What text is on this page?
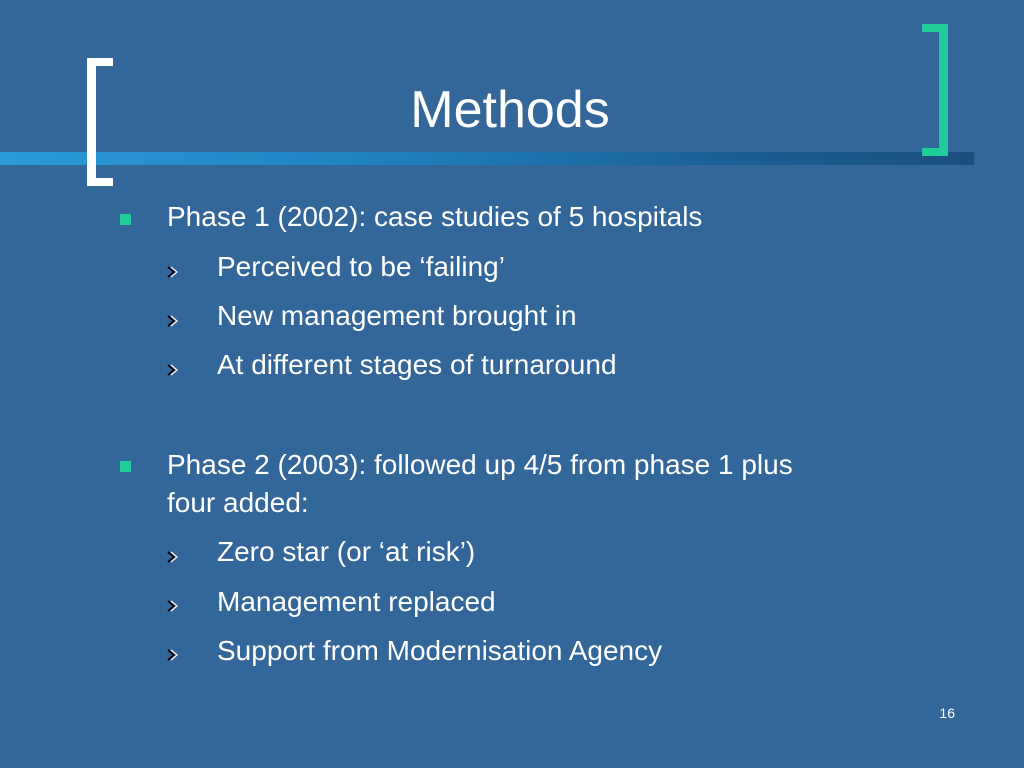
Methods
Phase 1 (2002): case studies of 5 hospitals
Perceived to be ‘failing’
New management brought in
At different stages of turnaround
Phase 2 (2003): followed up 4/5 from phase 1 plus
four added:
Zero star (or ‘at risk’)
Management replaced
Support from Modernisation Agency
16
